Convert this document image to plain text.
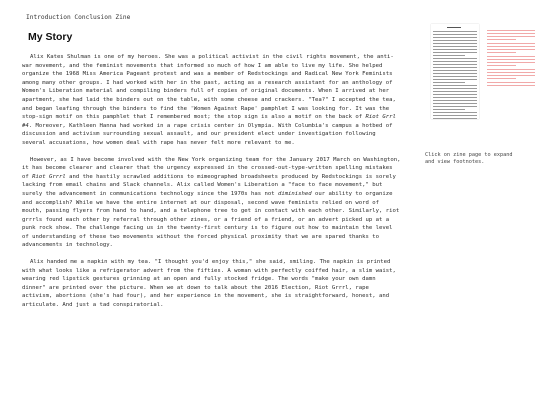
Introduction Conclusion Zine
My Story

Alix Kates Shulman is one of my heroes. She was a political activist in the civil rights movement, the anti-war movement, and the feminist movements that informed so much of how I am able to live my life. She helped organize the 1968 Miss America Pageant protest and was a member of Redstockings and Radical New York Feminists among many other groups. I had worked with her in the past, acting as a research assistant for an anthology of Women's Liberation material and compiling binders full of copies of original documents. When I arrived at her apartment, she had laid the binders out on the table, with some cheese and crackers. "Tea?" I accepted the tea, and began leafing through the binders to find the 'Women Against Rape' pamphlet I was looking for. It was the stop-sign motif on this pamphlet that I remembered most; the stop sign is also a motif on the back of Riot Grrl #4. Moreover, Kathleen Hanna had worked in a rape crisis center in Olympia. With Columbia's campus a hotbed of discussion and activism surrounding sexual assault, and our president elect under investigation following several accusations, how women deal with rape has never felt more relevant to me.

However, as I have become involved with the New York organizing team for the January 2017 March on Washington, it has become clearer and clearer that the urgency expressed in the crossed-out-type-written spelling mistakes of Riot Grrrl and the hastily scrawled additions to mimeographed broadsheets produced by Redstockings is sorely lacking from email chains and Slack channels. Alix called Women's Liberation a "face to face movement," but surely the advancement in communications technology since the 1970s has not diminished our ability to organize and accomplish? While we have the entire internet at our disposal, second wave feminists relied on word of mouth, passing flyers from hand to hand, and a telephone tree to get in contact with each other. Similarly, riot grrrls found each other by referral through other zines, or a friend of a friend, or an advert picked up at a punk rock show. The challenge facing us in the twenty-first century is to figure out how to maintain the level of understanding of these two movements without the forced physical proximity that we are spared thanks to advancements in technology.

Alix handed me a napkin with my tea. "I thought you'd enjoy this," she said, smiling. The napkin is printed with what looks like a refrigerator advert from the fifties. A woman with perfectly coiffed hair, a slim waist, wearing red lipstick gestures grinning at an open and fully stocked fridge. The words "make your own damn dinner" are printed over the picture. When we at down to talk about the 2016 Election, Riot Grrrl, rape activism, abortions (she's had four), and her experience in the movement, she is straightforward, honest, and articulate. And just a tad conspiratorial.

Click on zine page to expand and view footnotes.
